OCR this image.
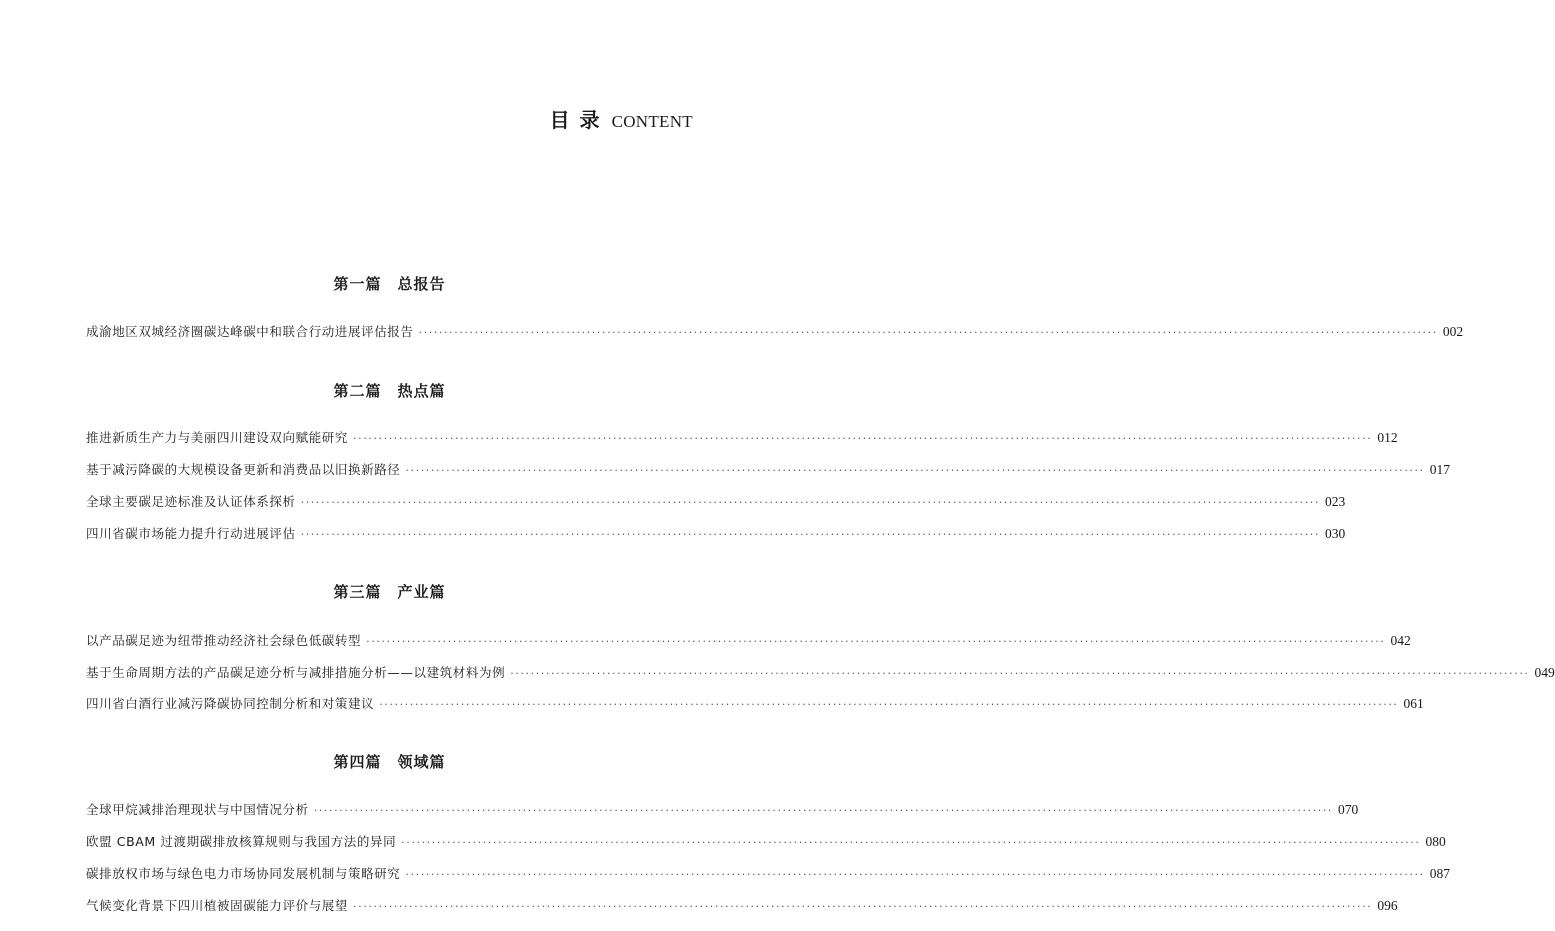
目录 CONTENT
第一篇　总报告
成渝地区双城经济圈碳达峰碳中和联合行动进展评估报告 ········································································································································································································ 002
第二篇　热点篇
推进新质生产力与美丽四川建设双向赋能研究 ········································································································································································································ 012
基于减污降碳的大规模设备更新和消费品以旧换新路径 ········································································································································································································ 017
全球主要碳足迹标准及认证体系探析 ········································································································································································································ 023
四川省碳市场能力提升行动进展评估 ········································································································································································································ 030
第三篇　产业篇
以产品碳足迹为纽带推动经济社会绿色低碳转型 ········································································································································································································ 042
基于生命周期方法的产品碳足迹分析与减排措施分析——以建筑材料为例 ········································································································································································································ 049
四川省白酒行业减污降碳协同控制分析和对策建议 ········································································································································································································ 061
第四篇　领域篇
全球甲烷减排治理现状与中国情况分析 ········································································································································································································ 070
欧盟 CBAM 过渡期碳排放核算规则与我国方法的异同 ········································································································································································································ 080
碳排放权市场与绿色电力市场协同发展机制与策略研究 ········································································································································································································ 087
气候变化背景下四川植被固碳能力评价与展望 ········································································································································································································ 096
